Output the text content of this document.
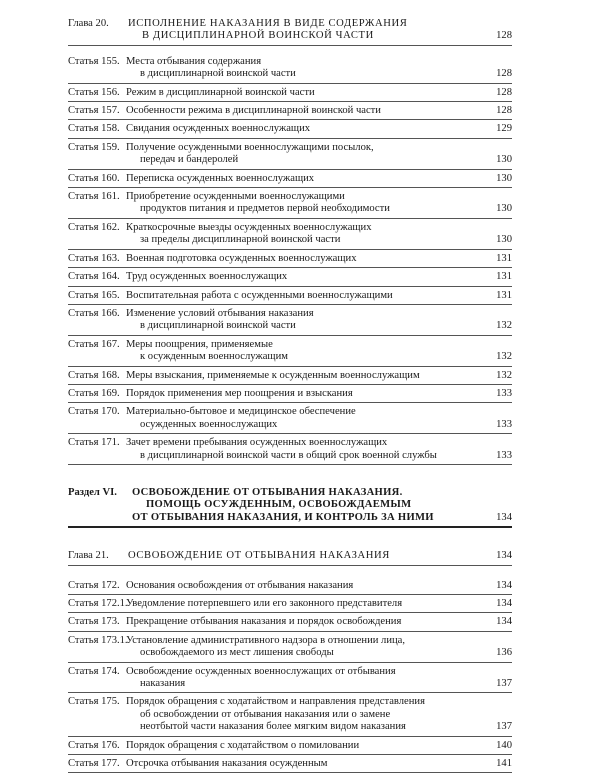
Глава 20. ИСПОЛНЕНИЕ НАКАЗАНИЯ В ВИДЕ СОДЕРЖАНИЯ
В ДИСЦИПЛИНАРНОЙ ВОИНСКОЙ ЧАСТИ	128
Статья 155. Места отбывания содержания
в дисциплинарной воинской части	128
Статья 156. Режим в дисциплинарной воинской части	128
Статья 157. Особенности режима в дисциплинарной воинской части	128
Статья 158. Свидания осужденных военнослужащих	129
Статья 159. Получение осужденными военнослужащими посылок,
передач и бандеролей	130
Статья 160. Переписка осужденных военнослужащих	130
Статья 161. Приобретение осужденными военнослужащими
продуктов питания и предметов первой необходимости	130
Статья 162. Краткосрочные выезды осужденных военнослужащих
за пределы дисциплинарной воинской части	130
Статья 163. Военная подготовка осужденных военнослужащих	131
Статья 164. Труд осужденных военнослужащих	131
Статья 165. Воспитательная работа с осужденными военнослужащими	131
Статья 166. Изменение условий отбывания наказания
в дисциплинарной воинской части	132
Статья 167. Меры поощрения, применяемые
к осужденным военнослужащим	132
Статья 168. Меры взыскания, применяемые к осужденным военнослужащим	132
Статья 169. Порядок применения мер поощрения и взыскания	133
Статья 170. Материально-бытовое и медицинское обеспечение
осужденных военнослужащих	133
Статья 171. Зачет времени пребывания осужденных военнослужащих
в дисциплинарной воинской части в общий срок военной службы	133
Раздел VI. ОСВОБОЖДЕНИЕ ОТ ОТБЫВАНИЯ НАКАЗАНИЯ.
ПОМОЩЬ ОСУЖДЕННЫМ, ОСВОБОЖДАЕМЫМ
ОТ ОТБЫВАНИЯ НАКАЗАНИЯ, И КОНТРОЛЬ ЗА НИМИ	134
Глава 21. ОСВОБОЖДЕНИЕ ОТ ОТБЫВАНИЯ НАКАЗАНИЯ	134
Статья 172. Основания освобождения от отбывания наказания	134
Статья 172.1.
Уведомление потерпевшего или его законного представителя	134
Статья 173. Прекращение отбывания наказания и порядок освобождения	134
Статья 173.1.
Установление административного надзора в отношении лица,
освобождаемого из мест лишения свободы	136
Статья 174. Освобождение осужденных военнослужащих от отбывания
наказания	137
Статья 175. Порядок обращения с ходатайством и направления представления
об освобождении от отбывания наказания или о замене
неотбытой части наказания более мягким видом наказания	137
Статья 176. Порядок обращения с ходатайством о помиловании	140
Статья 177. Отсрочка отбывания наказания осужденным	141
